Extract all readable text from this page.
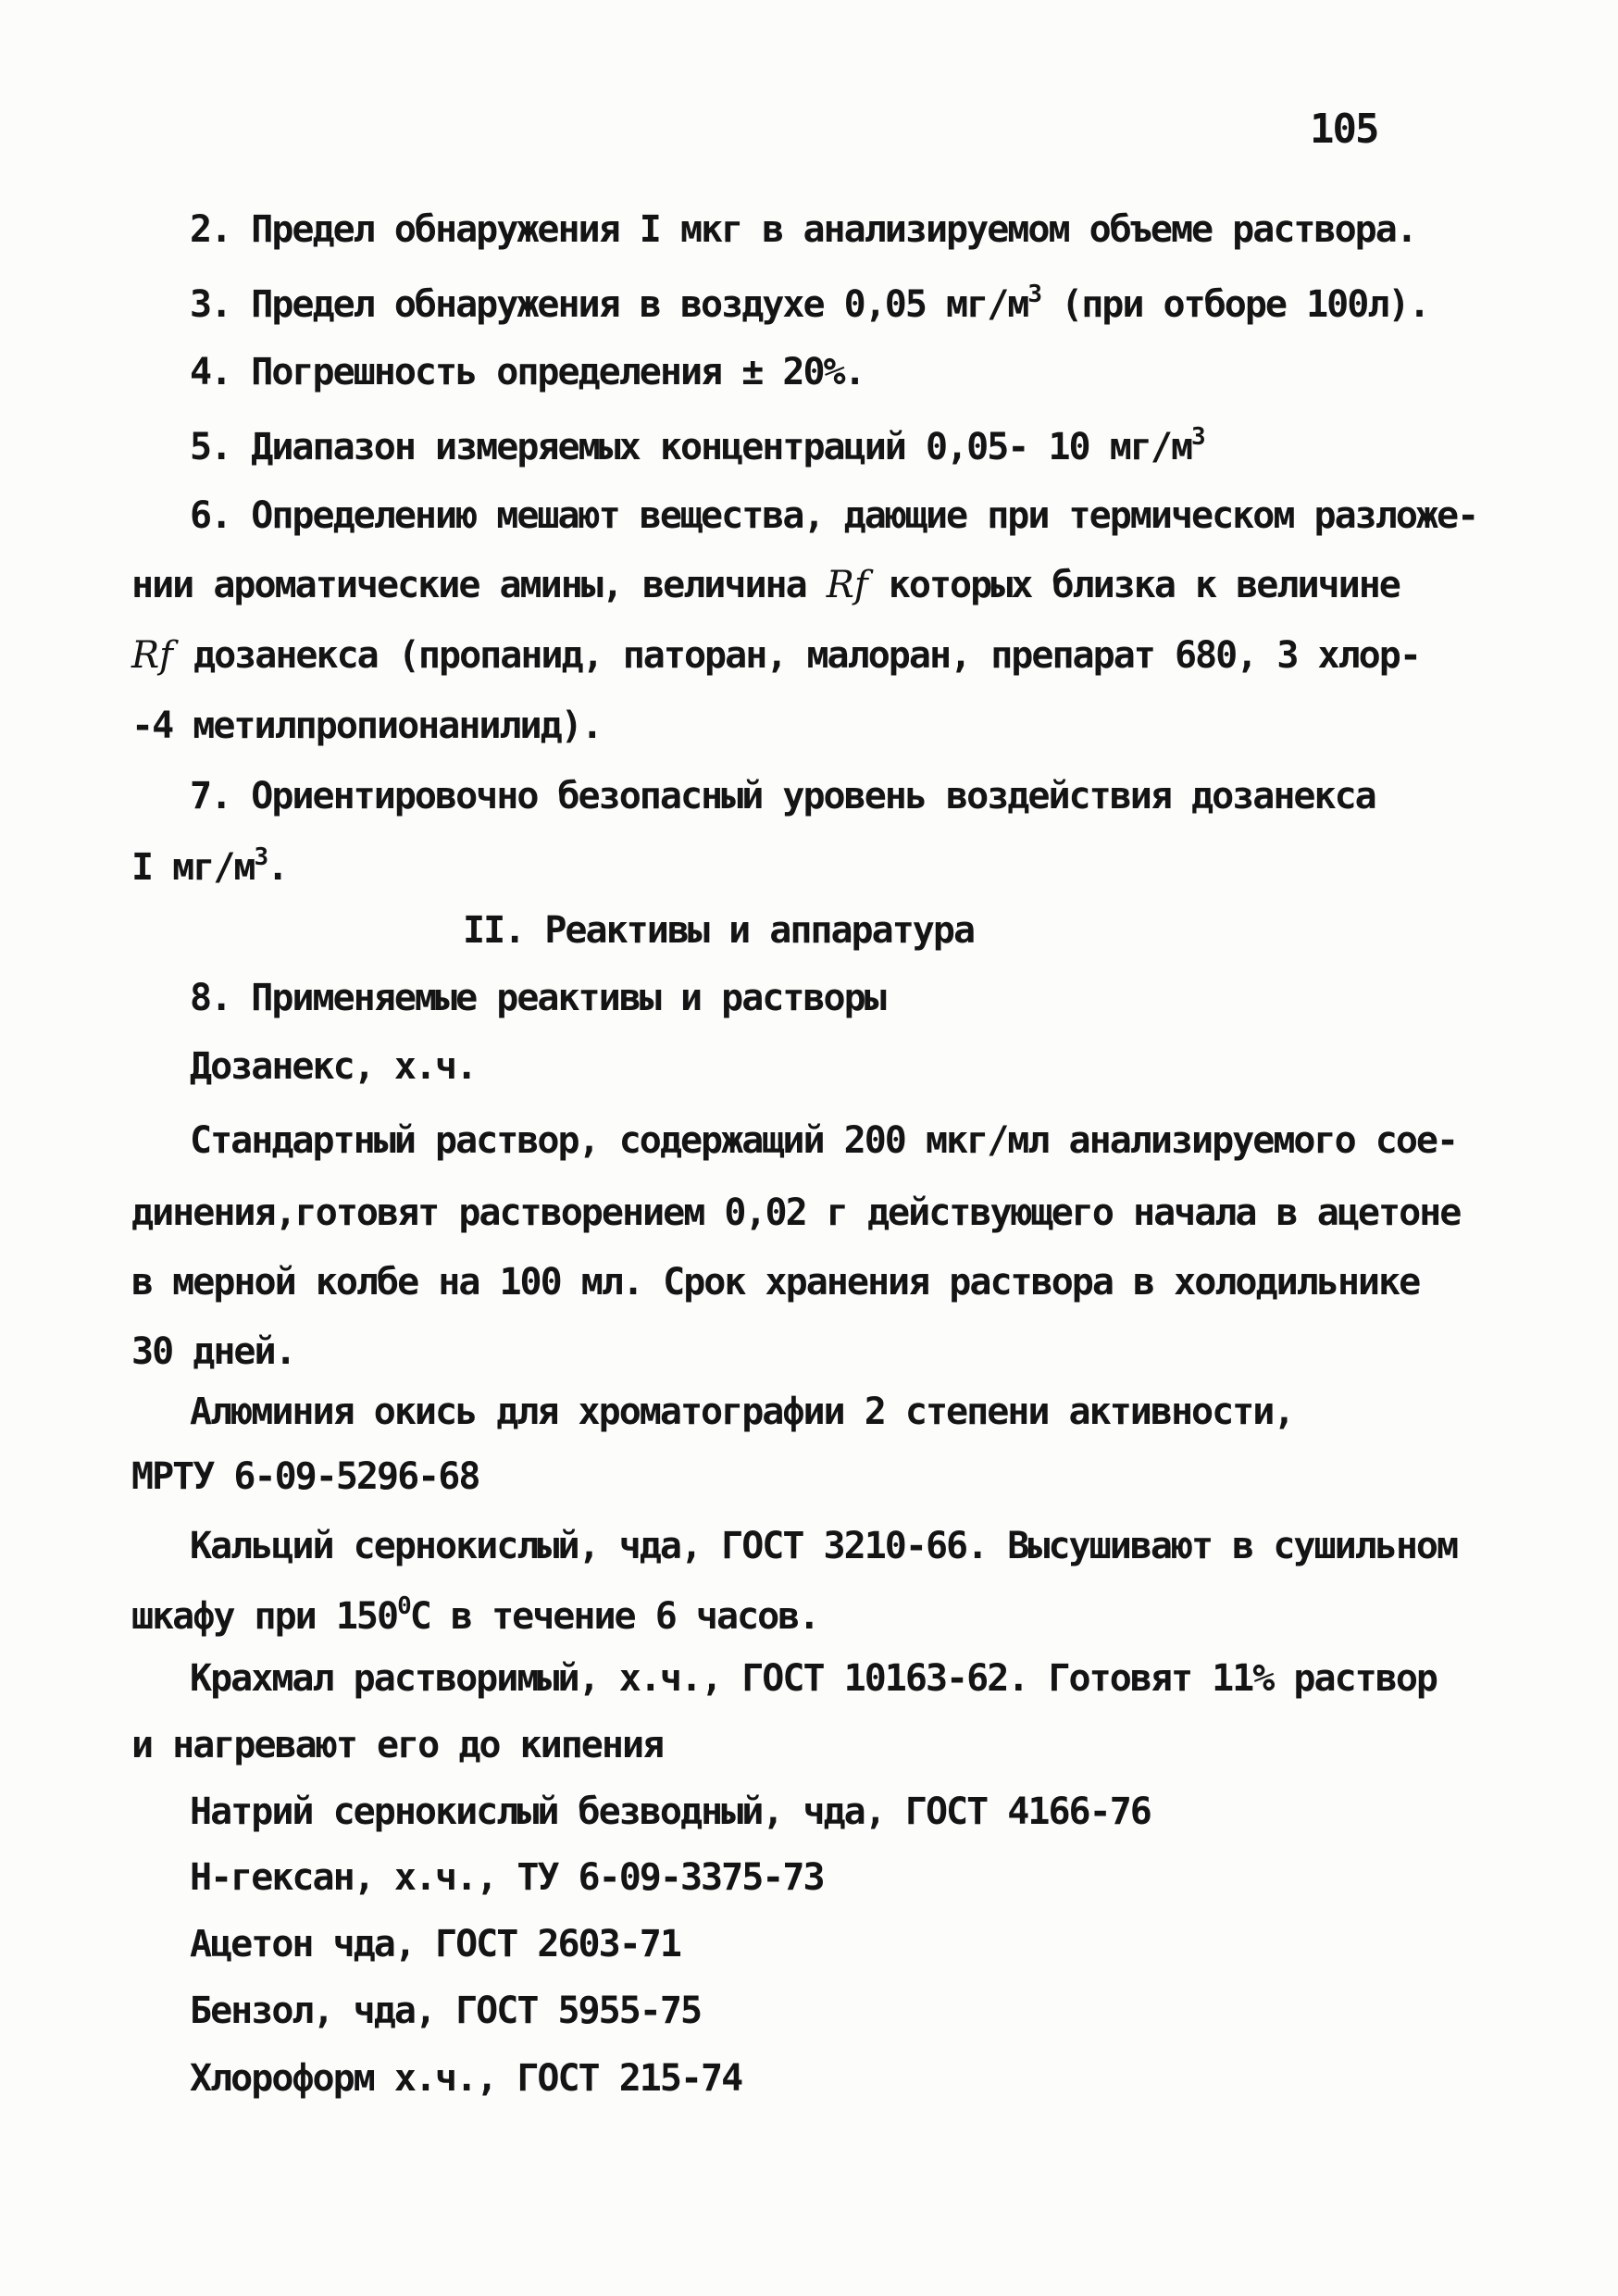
105
2. Предел обнаружения I мкг в анализируемом объеме раствора.
3. Предел обнаружения в воздухе 0,05 $мг/м^3$ (при отборе 100л).
4. Погрешность определения ± 20%.
5. Диапазон измеряемых концентраций 0,05- 10 $мг/м^3$
6. Определению мешают вещества, дающие при термическом разложе-
нии ароматические амины, величина Rf которых близка к величине
Rf дозанекса (пропанид, паторан, малоран, препарат 680, 3 хлор-
-4 метилпропионанилид).
7. Ориентировочно безопасный уровень воздействия дозанекса
I $мг/м^3$.
II. Реактивы и аппаратура
8. Применяемые реактивы и растворы
Дозанекс, х.ч.
Стандартный раствор, содержащий 200 мкг/мл анализируемого сое-
динения,готовят растворением 0,02 г действующего начала в ацетоне
в мерной колбе на 100 мл. Срок хранения раствора в холодильнике
30 дней.
Алюминия окись для хроматографии 2 степени активности,
МРТУ 6-09-5296-68
Кальций сернокислый, чда, ГОСТ 3210-66. Высушивают в сушильном
шкафу при $150^0С$ в течение 6 часов.
Крахмал растворимый, х.ч., ГОСТ 10163-62. Готовят 11% раствор
и нагревают его до кипения
Натрий сернокислый безводный, чда, ГОСТ 4166-76
Н-гексан, х.ч., ТУ 6-09-3375-73
Ацетон чда, ГОСТ 2603-71
Бензол, чда, ГОСТ 5955-75
Хлороформ х.ч., ГОСТ 215-74
